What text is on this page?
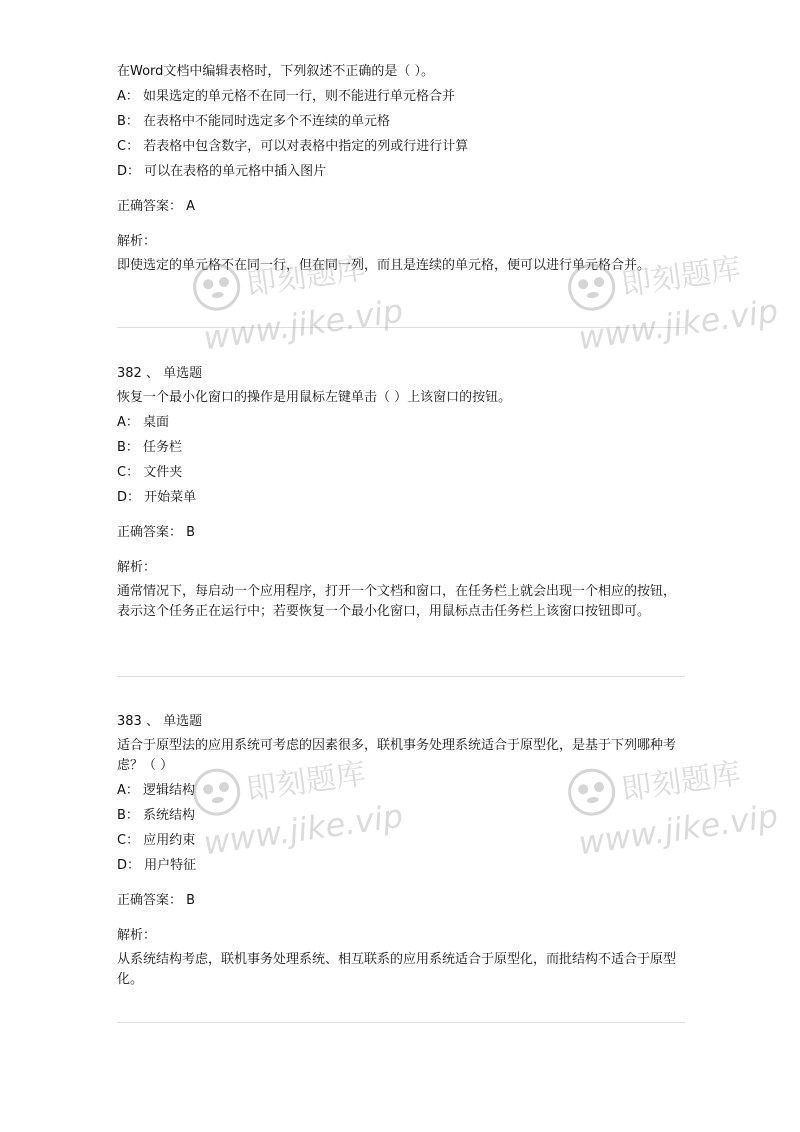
在Word文档中编辑表格时，下列叙述不正确的是（ ）。
A： 如果选定的单元格不在同一行，则不能进行单元格合并
B： 在表格中不能同时选定多个不连续的单元格
C： 若表格中包含数字，可以对表格中指定的列或行进行计算
D： 可以在表格的单元格中插入图片
正确答案： A
解析：
即使选定的单元格不在同一行，但在同一列，而且是连续的单元格，便可以进行单元格合并。
382 、 单选题
恢复一个最小化窗口的操作是用鼠标左键单击（ ）上该窗口的按钮。
A： 桌面
B： 任务栏
C： 文件夹
D： 开始菜单
正确答案： B
解析：
通常情况下，每启动一个应用程序，打开一个文档和窗口，在任务栏上就会出现一个相应的按钮，表示这个任务正在运行中；若要恢复一个最小化窗口，用鼠标点击任务栏上该窗口按钮即可。
383 、 单选题
适合于原型法的应用系统可考虑的因素很多，联机事务处理系统适合于原型化，是基于下列哪种考虑？（ ）
A： 逻辑结构
B： 系统结构
C： 应用约束
D： 用户特征
正确答案： B
解析：
从系统结构考虑，联机事务处理系统、相互联系的应用系统适合于原型化，而批结构不适合于原型化。
即刻题库
www.jike.vip
即刻题库
www.jike.vip
即刻题库
www.jike.vip
即刻题库
www.jike.vip
